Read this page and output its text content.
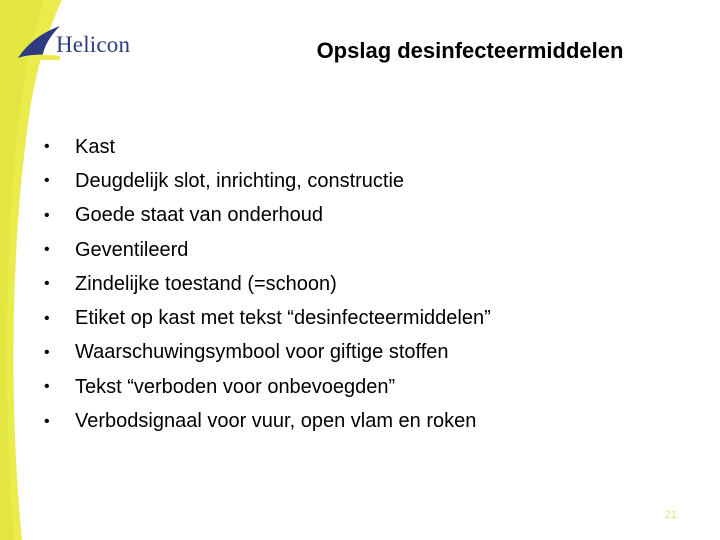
Helicon	Opslag desinfecteermiddelen
•	Kast
•	Deugdelijk slot, inrichting, constructie
•	Goede staat van onderhoud
•	Geventileerd
•	Zindelijke toestand (=schoon)
•	Etiket op kast met tekst “desinfecteermiddelen”
•	Waarschuwingsymbool voor giftige stoffen
•	Tekst “verboden voor onbevoegden”
•	Verbodsignaal voor vuur, open vlam en roken
21
